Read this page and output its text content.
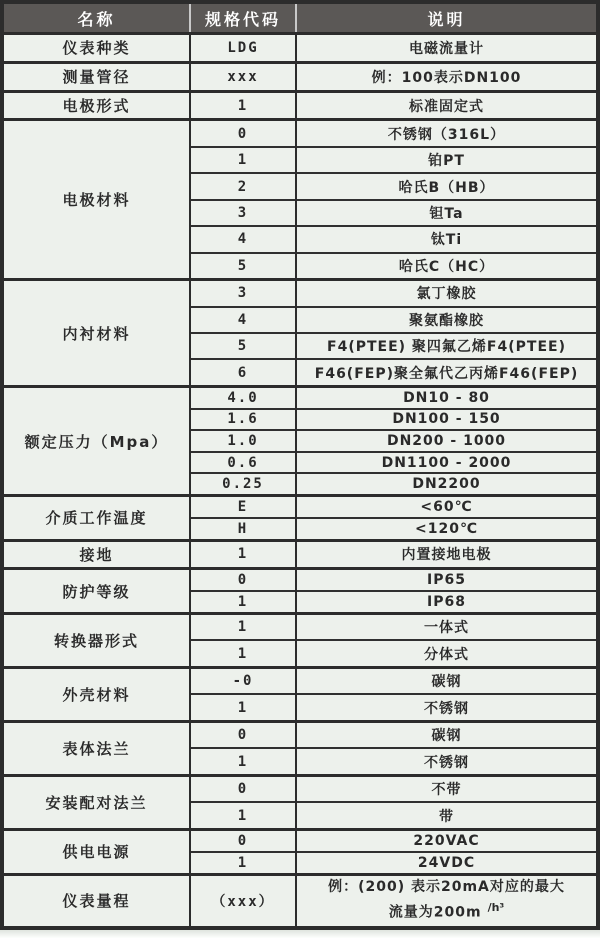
名称	规格代码	说明
仪表种类	LDG	电磁流量计
测量管径	xxx	例：100表示DN100
电极形式	1	标准固定式
电极材料	0	不锈钢（316L）
	1	铂PT
	2	哈氏B（HB）
	3	钽Ta
	4	钛Ti
	5	哈氏C（HC）
内衬材料	3	氯丁橡胶
	4	聚氨酯橡胶
	5	F4(PTEE) 聚四氟乙烯F4(PTEE)
	6	F46(FEP)聚全氟代乙丙烯F46(FEP)
额定压力（Mpa）	4.0	DN10 - 80
	1.6	DN100 - 150
	1.0	DN200 - 1000
	0.6	DN1100 - 2000
	0.25	DN2200
介质工作温度	E	<60℃
	H	<120℃
接地	1	内置接地电极
防护等级	0	IP65
	1	IP68
转换器形式	1	一体式
	1	分体式
外壳材料	-0	碳钢
	1	不锈钢
表体法兰	0	碳钢
	1	不锈钢
安装配对法兰	0	不带
	1	带
供电电源	0	220VAC
	1	24VDC
仪表量程	（xxx）	例：(200) 表示20mA对应的最大
流量为200m /h³
